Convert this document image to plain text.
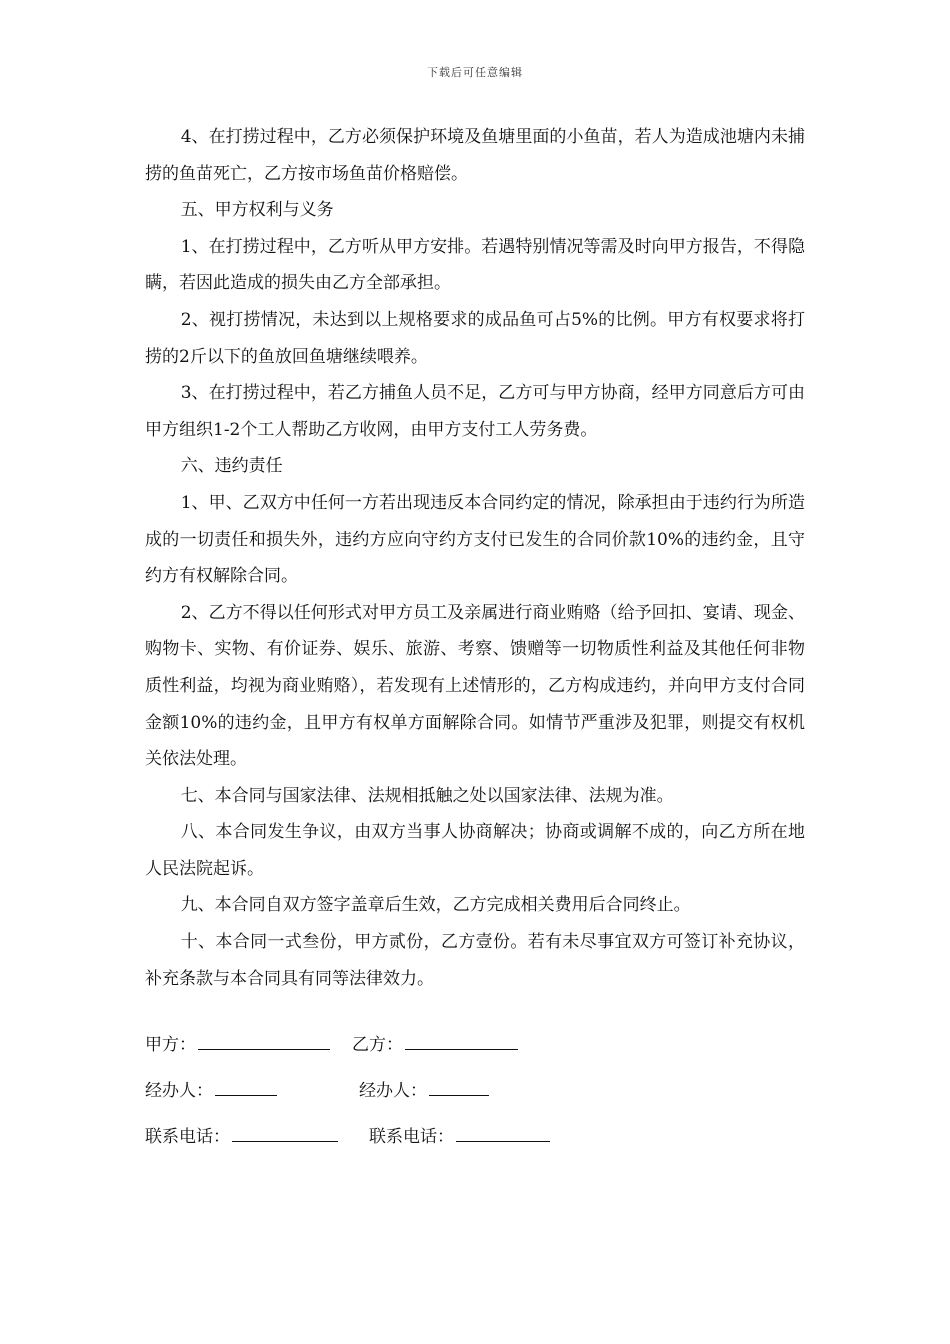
下载后可任意编辑

4、在打捞过程中，乙方必须保护环境及鱼塘里面的小鱼苗，若人为造成池塘内未捕捞的鱼苗死亡，乙方按市场鱼苗价格赔偿。

五、甲方权利与义务

1、在打捞过程中，乙方听从甲方安排。若遇特别情况等需及时向甲方报告，不得隐瞒，若因此造成的损失由乙方全部承担。

2、视打捞情况，未达到以上规格要求的成品鱼可占5%的比例。甲方有权要求将打捞的2斤以下的鱼放回鱼塘继续喂养。

3、在打捞过程中，若乙方捕鱼人员不足，乙方可与甲方协商，经甲方同意后方可由甲方组织1-2个工人帮助乙方收网，由甲方支付工人劳务费。

六、违约责任

1、甲、乙双方中任何一方若出现违反本合同约定的情况，除承担由于违约行为所造成的一切责任和损失外，违约方应向守约方支付已发生的合同价款10%的违约金，且守约方有权解除合同。

2、乙方不得以任何形式对甲方员工及亲属进行商业贿赂（给予回扣、宴请、现金、购物卡、实物、有价证券、娱乐、旅游、考察、馈赠等一切物质性利益及其他任何非物质性利益，均视为商业贿赂），若发现有上述情形的，乙方构成违约，并向甲方支付合同金额10%的违约金，且甲方有权单方面解除合同。如情节严重涉及犯罪，则提交有权机关依法处理。

七、本合同与国家法律、法规相抵触之处以国家法律、法规为准。

八、本合同发生争议，由双方当事人协商解决；协商或调解不成的，向乙方所在地人民法院起诉。

九、本合同自双方签字盖章后生效，乙方完成相关费用后合同终止。

十、本合同一式叁份，甲方贰份，乙方壹份。若有未尽事宜双方可签订补充协议，补充条款与本合同具有同等法律效力。

甲方：	乙方：
经办人：	经办人：
联系电话：	联系电话：
